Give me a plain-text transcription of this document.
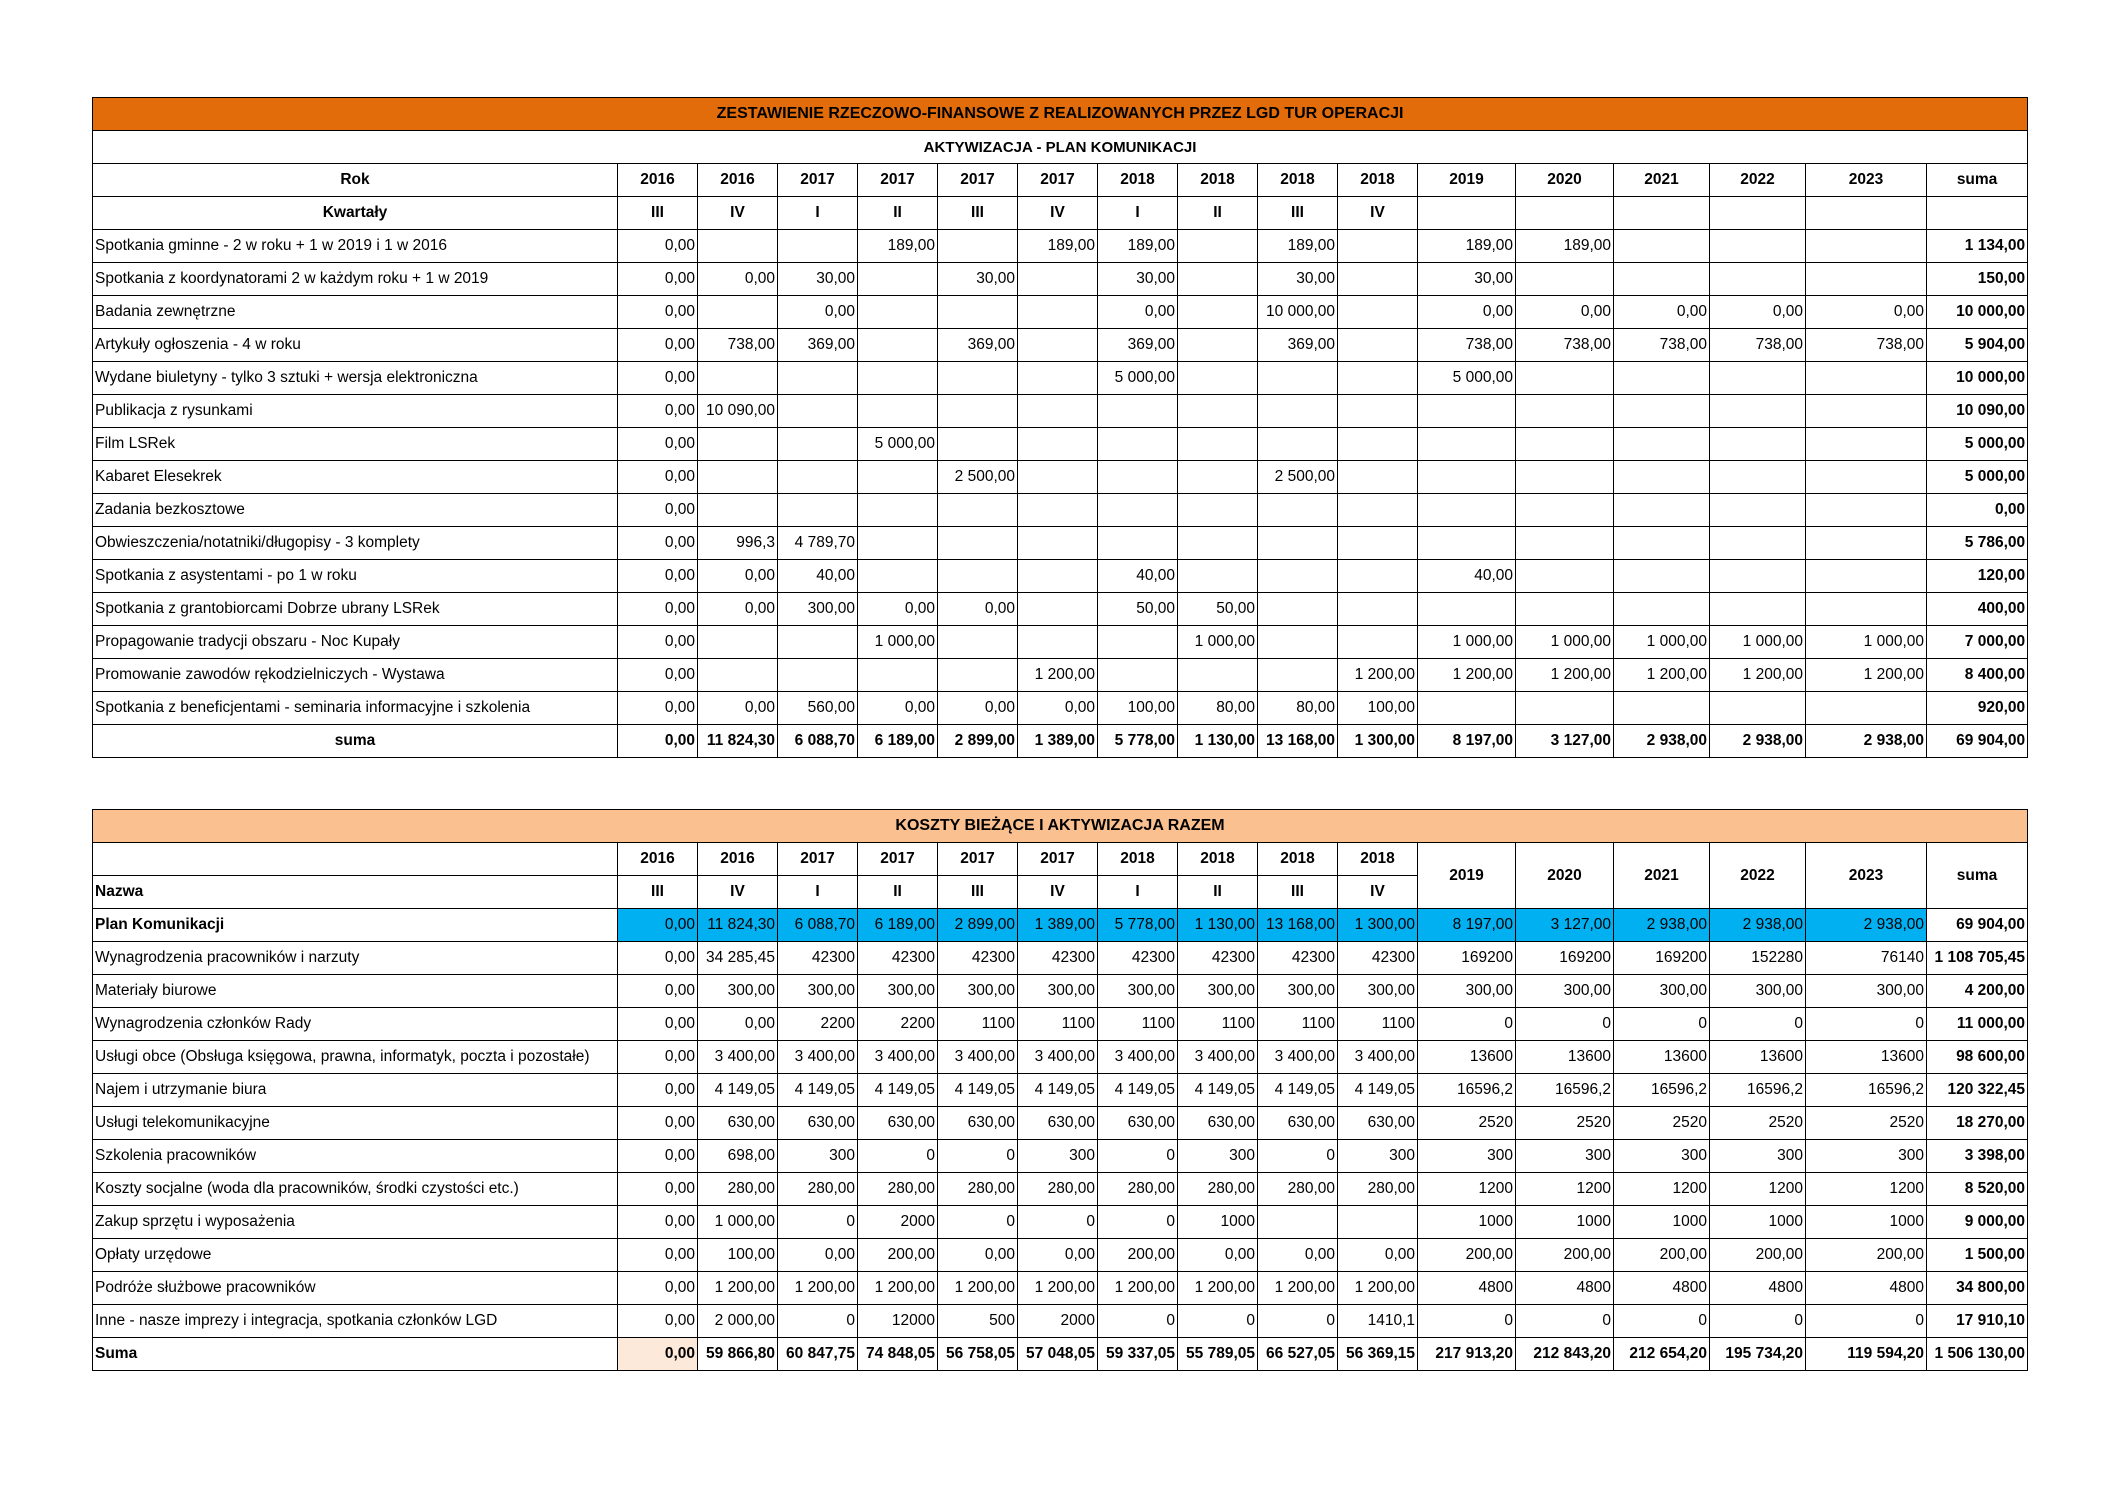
ZESTAWIENIE RZECZOWO-FINANSOWE Z REALIZOWANYCH PRZEZ LGD TUR OPERACJI																
AKTYWIZACJA - PLAN KOMUNIKACJI																
Rok	2016	2016	2017	2017	2017	2017	2018	2018	2018	2018	2019	2020	2021	2022	2023	suma
Kwartały	III	IV	I	II	III	IV	I	II	III	IV						
Spotkania gminne - 2 w roku + 1 w 2019 i 1 w 2016	0,00			189,00		189,00	189,00		189,00		189,00	189,00				1 134,00
Spotkania z koordynatorami 2 w każdym roku + 1 w 2019	0,00	0,00	30,00		30,00		30,00		30,00		30,00					150,00
Badania zewnętrzne	0,00		0,00				0,00		10 000,00		0,00	0,00	0,00	0,00	0,00	10 000,00
Artykuły ogłoszenia - 4 w roku	0,00	738,00	369,00		369,00		369,00		369,00		738,00	738,00	738,00	738,00	738,00	5 904,00
Wydane biuletyny - tylko 3 sztuki + wersja elektroniczna	0,00						5 000,00				5 000,00					10 000,00
Publikacja z rysunkami	0,00	10 090,00														10 090,00
Film LSRek	0,00			5 000,00												5 000,00
Kabaret Elesekrek	0,00				2 500,00				2 500,00							5 000,00
Zadania bezkosztowe	0,00															0,00
Obwieszczenia/notatniki/długopisy - 3 komplety	0,00	996,3	4 789,70													5 786,00
Spotkania z asystentami - po 1 w roku	0,00	0,00	40,00				40,00				40,00					120,00
Spotkania z grantobiorcami Dobrze ubrany LSRek	0,00	0,00	300,00	0,00	0,00		50,00	50,00								400,00
Propagowanie tradycji obszaru - Noc Kupały	0,00			1 000,00				1 000,00			1 000,00	1 000,00	1 000,00	1 000,00	1 000,00	7 000,00
Promowanie zawodów rękodzielniczych - Wystawa	0,00					1 200,00				1 200,00	1 200,00	1 200,00	1 200,00	1 200,00	1 200,00	8 400,00
Spotkania z beneficjentami - seminaria informacyjne i szkolenia	0,00	0,00	560,00	0,00	0,00	0,00	100,00	80,00	80,00	100,00						920,00
suma	0,00	11 824,30	6 088,70	6 189,00	2 899,00	1 389,00	5 778,00	1 130,00	13 168,00	1 300,00	8 197,00	3 127,00	2 938,00	2 938,00	2 938,00	69 904,00
KOSZTY BIEŻĄCE I AKTYWIZACJA RAZEM																
	2016	2016	2017	2017	2017	2017	2018	2018	2018	2018	2019	2020	2021	2022	2023	suma
Nazwa	III	IV	I	II	III	IV	I	II	III	IV						
Plan Komunikacji	0,00	11 824,30	6 088,70	6 189,00	2 899,00	1 389,00	5 778,00	1 130,00	13 168,00	1 300,00	8 197,00	3 127,00	2 938,00	2 938,00	2 938,00	69 904,00
Wynagrodzenia pracowników i narzuty	0,00	34 285,45	42300	42300	42300	42300	42300	42300	42300	42300	169200	169200	169200	152280	76140	1 108 705,45
Materiały biurowe	0,00	300,00	300,00	300,00	300,00	300,00	300,00	300,00	300,00	300,00	300,00	300,00	300,00	300,00	300,00	4 200,00
Wynagrodzenia członków Rady	0,00	0,00	2200	2200	1100	1100	1100	1100	1100	1100	0	0	0	0	0	11 000,00
Usługi obce (Obsługa księgowa, prawna, informatyk, poczta i pozostałe)	0,00	3 400,00	3 400,00	3 400,00	3 400,00	3 400,00	3 400,00	3 400,00	3 400,00	3 400,00	13600	13600	13600	13600	13600	98 600,00
Najem i utrzymanie biura	0,00	4 149,05	4 149,05	4 149,05	4 149,05	4 149,05	4 149,05	4 149,05	4 149,05	4 149,05	16596,2	16596,2	16596,2	16596,2	16596,2	120 322,45
Usługi telekomunikacyjne	0,00	630,00	630,00	630,00	630,00	630,00	630,00	630,00	630,00	630,00	2520	2520	2520	2520	2520	18 270,00
Szkolenia pracowników	0,00	698,00	300	0	0	300	0	300	0	300	300	300	300	300	300	3 398,00
Koszty socjalne (woda dla pracowników, środki czystości etc.)	0,00	280,00	280,00	280,00	280,00	280,00	280,00	280,00	280,00	280,00	1200	1200	1200	1200	1200	8 520,00
Zakup sprzętu i wyposażenia	0,00	1 000,00	0	2000	0	0	0	1000			1000	1000	1000	1000	1000	9 000,00
Opłaty urzędowe	0,00	100,00	0,00	200,00	0,00	0,00	200,00	0,00	0,00	0,00	200,00	200,00	200,00	200,00	200,00	1 500,00
Podróże służbowe pracowników	0,00	1 200,00	1 200,00	1 200,00	1 200,00	1 200,00	1 200,00	1 200,00	1 200,00	1 200,00	4800	4800	4800	4800	4800	34 800,00
Inne - nasze imprezy i integracja, spotkania członków LGD	0,00	2 000,00	0	12000	500	2000	0	0	0	1410,1	0	0	0	0	0	17 910,10
Suma	0,00	59 866,80	60 847,75	74 848,05	56 758,05	57 048,05	59 337,05	55 789,05	66 527,05	56 369,15	217 913,20	212 843,20	212 654,20	195 734,20	119 594,20	1 506 130,00
